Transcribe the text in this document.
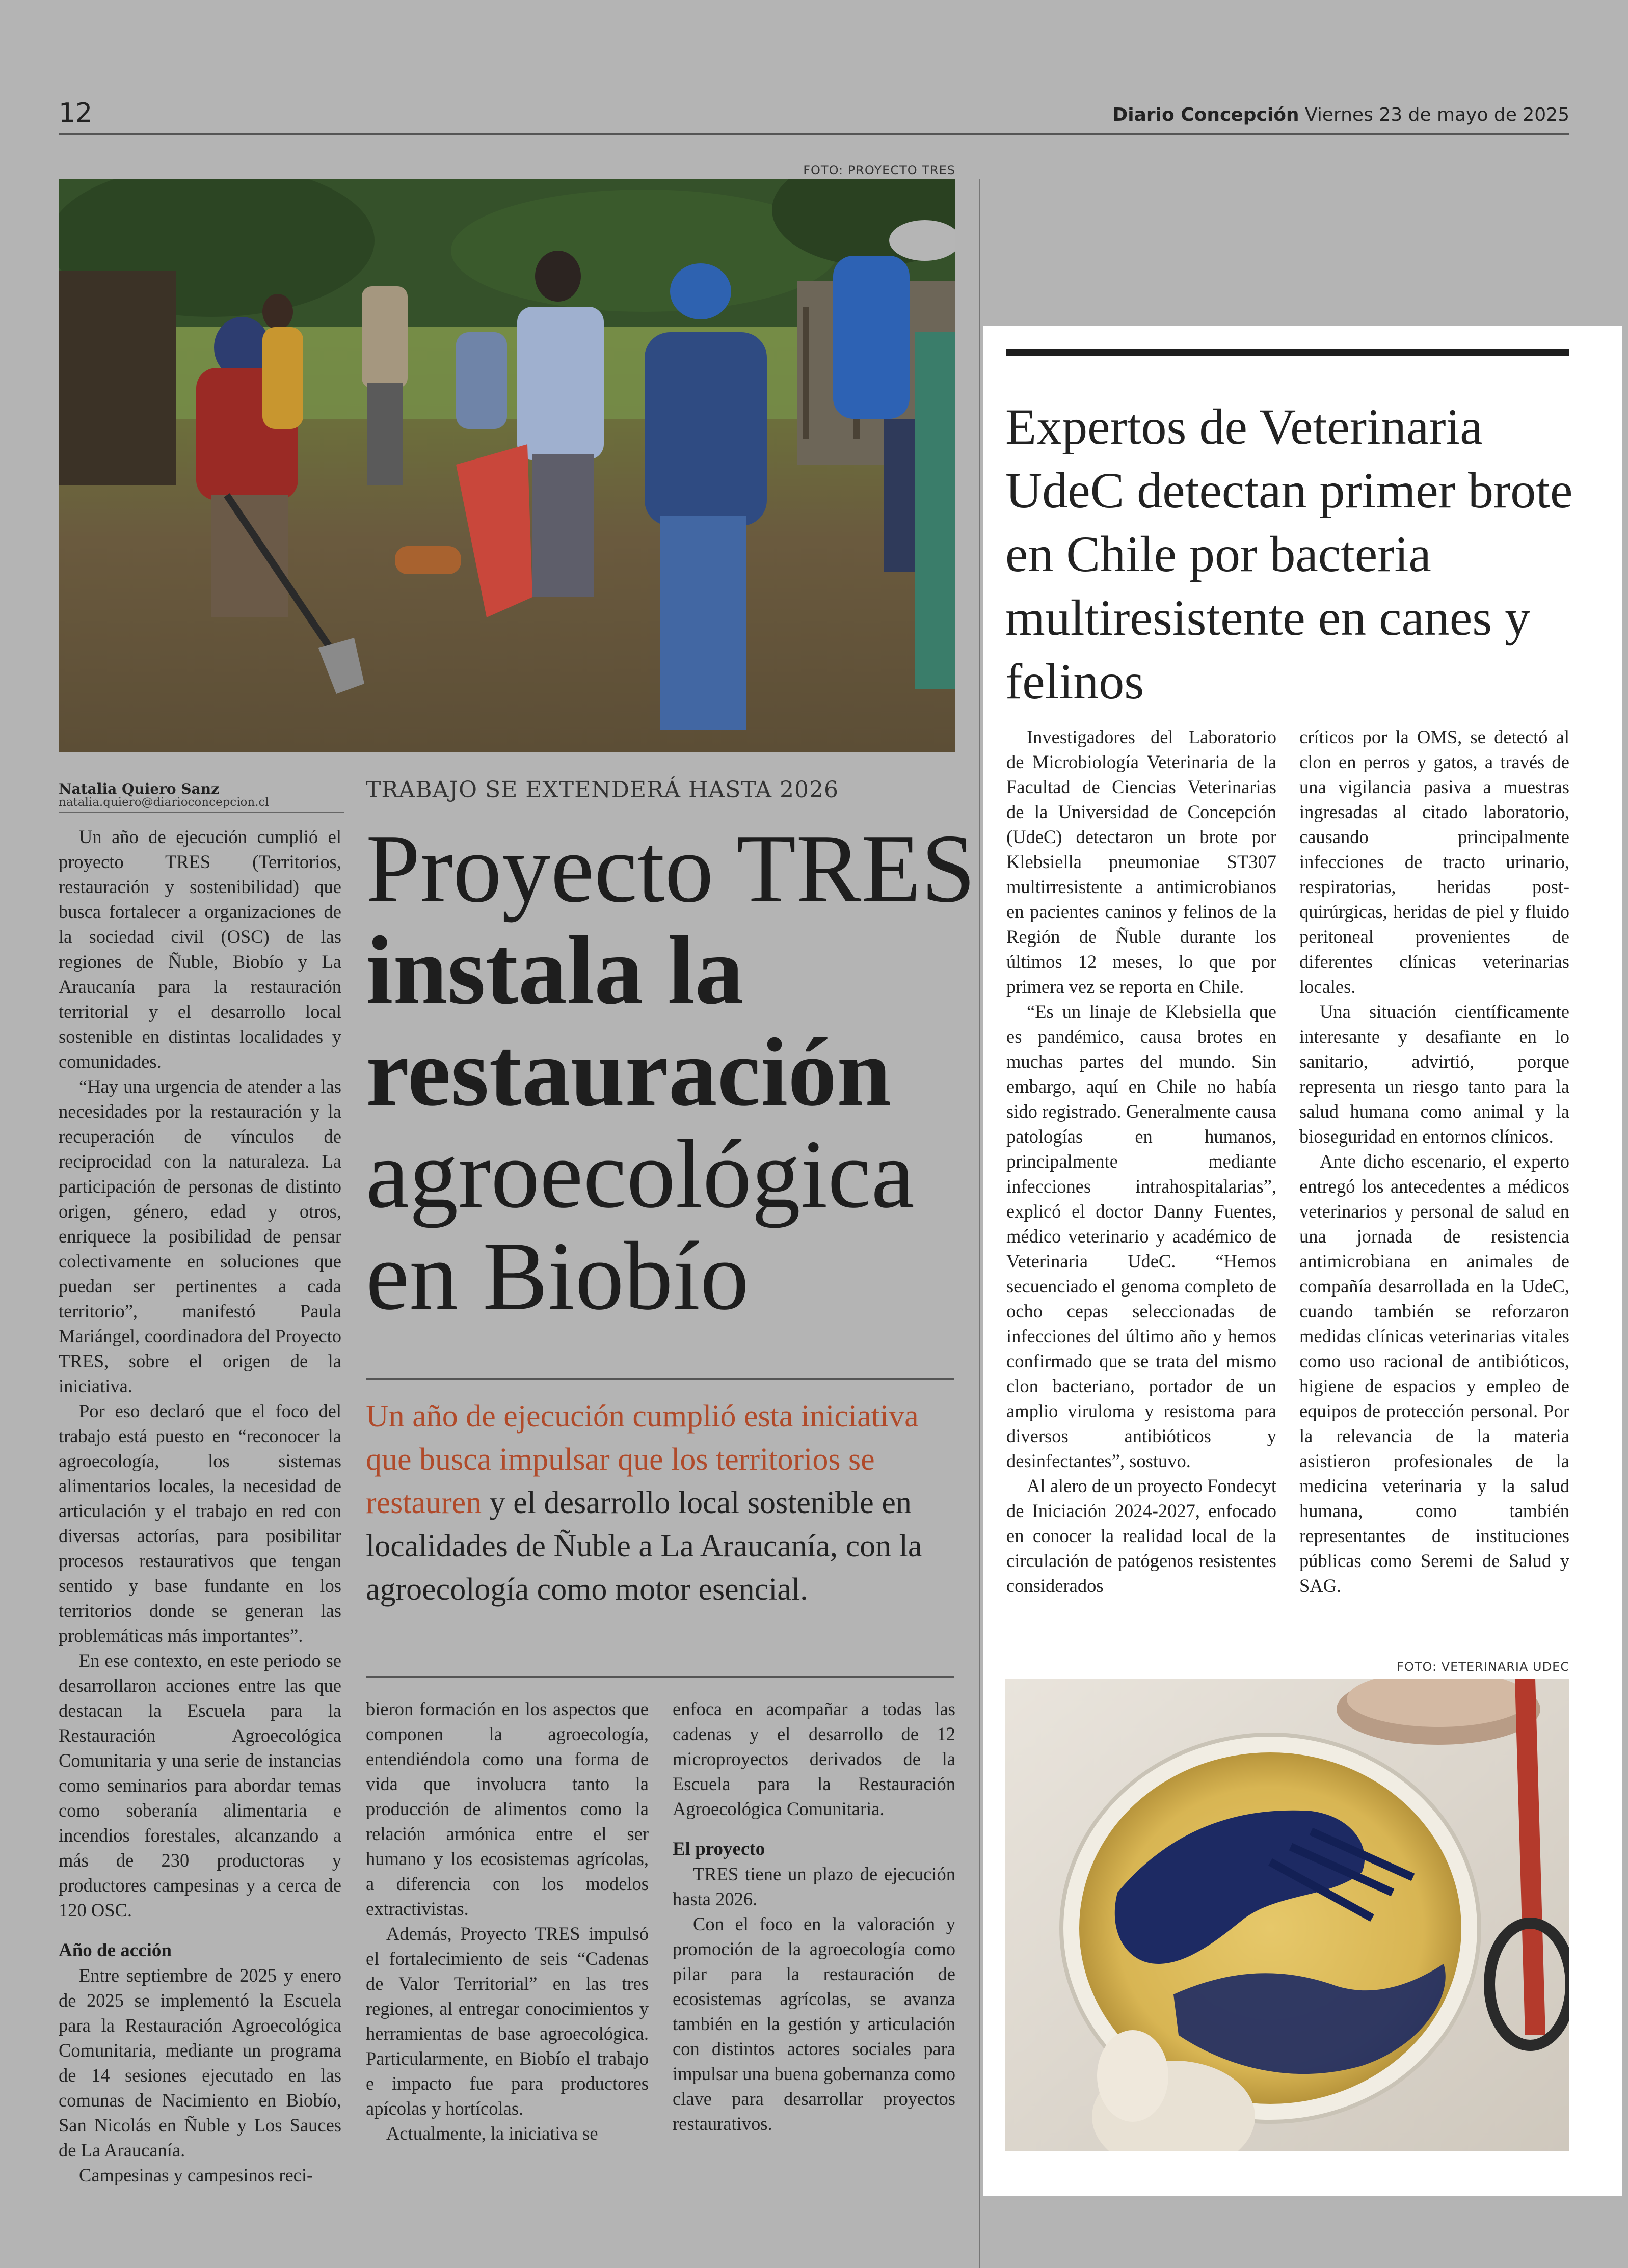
12	Diario Concepción Viernes 23 de mayo de 2025
FOTO: PROYECTO TRES
Natalia Quiero Sanz
natalia.quiero@diarioconcepcion.cl	TRABAJO SE EXTENDERÁ HASTA 2026
Proyecto TRES
instala la
restauración
agroecológica
en Biobío
Un año de ejecución cumplió esta iniciativa que busca impulsar que los territorios se restauren y el desarrollo local sostenible en localidades de Ñuble a La Araucanía, con la agroecología como motor esencial.

Un año de ejecución cumplió el proyecto TRES (Territorios, restauración y sostenibilidad) que busca fortalecer a organizaciones de la sociedad civil (OSC) de las regiones de Ñuble, Biobío y La Araucanía para la restauración territorial y el desarrollo local sostenible en distintas localidades y comunidades.

“Hay una urgencia de atender a las necesidades por la restauración y la recuperación de vínculos de reciprocidad con la naturaleza. La participación de personas de distinto origen, género, edad y otros, enriquece la posibilidad de pensar colectivamente en soluciones que puedan ser pertinentes a cada territorio”, manifestó Paula Mariángel, coordinadora del Proyecto TRES, sobre el origen de la iniciativa.

Por eso declaró que el foco del trabajo está puesto en “reconocer la agroecología, los sistemas alimentarios locales, la necesidad de articulación y el trabajo en red con diversas actorías, para posibilitar procesos restaurativos que tengan sentido y base fundante en los territorios donde se generan las problemáticas más importantes”.

En ese contexto, en este periodo se desarrollaron acciones entre las que destacan la Escuela para la Restauración Agroecológica Comunitaria y una serie de instancias como seminarios para abordar temas como soberanía alimentaria e incendios forestales, alcanzando a más de 230 productoras y productores campesinas y a cerca de 120 OSC.

Año de acción

Entre septiembre de 2025 y enero de 2025 se implementó la Escuela para la Restauración Agroecológica Comunitaria, mediante un programa de 14 sesiones ejecutado en las comunas de Nacimiento en Biobío, San Nicolás en Ñuble y Los Sauces de La Araucanía.

Campesinas y campesinos reci-

bieron formación en los aspectos que componen la agroecología, entendiéndola como una forma de vida que involucra tanto la producción de alimentos como la relación armónica entre el ser humano y los ecosistemas agrícolas, a diferencia con los modelos extractivistas.

Además, Proyecto TRES impulsó el fortalecimiento de seis “Cadenas de Valor Territorial” en las tres regiones, al entregar conocimientos y herramientas de base agroecológica. Particularmente, en Biobío el trabajo e impacto fue para productores apícolas y hortícolas.

Actualmente, la iniciativa se

enfoca en acompañar a todas las cadenas y el desarrollo de 12 microproyectos derivados de la Escuela para la Restauración Agroecológica Comunitaria.

El proyecto

TRES tiene un plazo de ejecución hasta 2026.

Con el foco en la valoración y promoción de la agroecología como pilar para la restauración de ecosistemas agrícolas, se avanza también en la gestión y articulación con distintos actores sociales para impulsar una buena gobernanza como clave para desarrollar proyectos restaurativos.

Expertos de Veterinaria UdeC detectan primer brote en Chile por bacteria multiresistente en canes y felinos

Investigadores del Laboratorio de Microbiología Veterinaria de la Facultad de Ciencias Veterinarias de la Universidad de Concepción (UdeC) detectaron un brote por Klebsiella pneumoniae ST307 multirresistente a antimicrobianos en pacientes caninos y felinos de la Región de Ñuble durante los últimos 12 meses, lo que por primera vez se reporta en Chile.

“Es un linaje de Klebsiella que es pandémico, causa brotes en muchas partes del mundo. Sin embargo, aquí en Chile no había sido registrado. Generalmente causa patologías en humanos, principalmente mediante infecciones intrahospitalarias”, explicó el doctor Danny Fuentes, médico veterinario y académico de Veterinaria UdeC. “Hemos secuenciado el genoma completo de ocho cepas seleccionadas de infecciones del último año y hemos confirmado que se trata del mismo clon bacteriano, portador de un amplio viruloma y resistoma para diversos antibióticos y desinfectantes”, sostuvo.

Al alero de un proyecto Fondecyt de Iniciación 2024-2027, enfocado en conocer la realidad local de la circulación de patógenos resistentes considerados

críticos por la OMS, se detectó al clon en perros y gatos, a través de una vigilancia pasiva a muestras ingresadas al citado laboratorio, causando principalmente infecciones de tracto urinario, respiratorias, heridas post-quirúrgicas, heridas de piel y fluido peritoneal provenientes de diferentes clínicas veterinarias locales.

Una situación científicamente interesante y desafiante en lo sanitario, advirtió, porque representa un riesgo tanto para la salud humana como animal y la bioseguridad en entornos clínicos.

Ante dicho escenario, el experto entregó los antecedentes a médicos veterinarios y personal de salud en una jornada de resistencia antimicrobiana en animales de compañía desarrollada en la UdeC, cuando también se reforzaron medidas clínicas veterinarias vitales como uso racional de antibióticos, higiene de espacios y empleo de equipos de protección personal. Por la relevancia de la materia asistieron profesionales de la medicina veterinaria y la salud humana, como también representantes de instituciones públicas como Seremi de Salud y SAG.

FOTO: VETERINARIA UDEC
